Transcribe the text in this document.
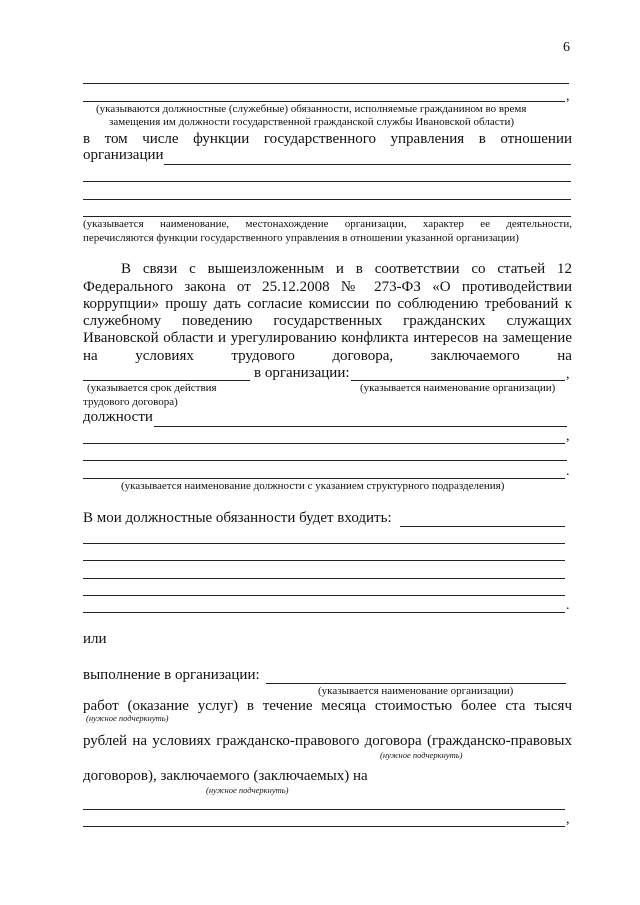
6
,
(указываются должностные (служебные) обязанности, исполняемые гражданином во время
замещения им должности государственной гражданской службы Ивановской области)
в том числе функции государственного управления в отношении
организации
(указывается наименование, местонахождение организации, характер ее деятельности,
перечисляются функции государственного управления в отношении указанной организации)
В связи с вышеизложенным и в соответствии со статьей 12
Федерального закона от 25.12.2008 № 273-ФЗ «О противодействии
коррупции» прошу дать согласие комиссии по соблюдению требований к
служебному поведению государственных гражданских служащих
Ивановской области и урегулированию конфликта интересов на замещение
на	условиях	трудового	договора,	заключаемого	на
в организации:	,
(указывается срок действия
трудового договора)
(указывается наименование организации)
должности
,
.
(указывается наименование должности с указанием структурного подразделения)
В мои должностные обязанности будет входить:
.
или
выполнение в организации:
(указывается наименование организации)
работ (оказание услуг) в течение месяца стоимостью более ста тысяч
(нужное подчеркнуть)
рублей на условиях гражданско-правового договора (гражданско-правовых
(нужное подчеркнуть)
договоров), заключаемого (заключаемых) на
(нужное подчеркнуть)
,
